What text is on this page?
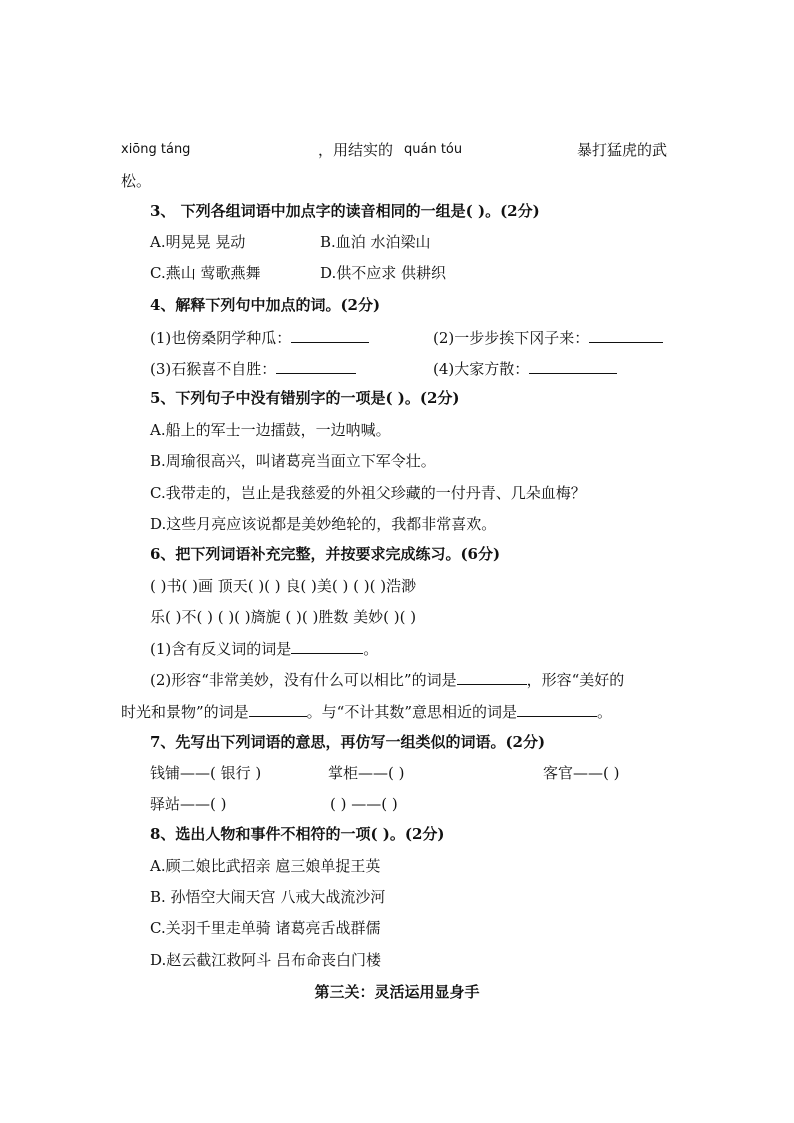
xiōng táng	，用结实的 quán tóu	暴打猛虎的武
松。
3、 下列各组词语中加点字的读音相同的一组是( )。(2分)
A.明晃晃 晃动	B.血泊 水泊梁山
C.燕山 莺歌燕舞	D.供不应求 供耕织
4、解释下列句中加点的词。(2分)
(1)也傍桑阴学种瓜：	(2)一步步挨下冈子来：
(3)石猴喜不自胜：	(4)大家方散：
5、下列句子中没有错别字的一项是( )。(2分)
A.船上的军士一边擂鼓，一边呐喊。
B.周瑜很高兴，叫诸葛亮当面立下军令壮。
C.我带走的，岂止是我慈爱的外祖父珍藏的一付丹青、几朵血梅？
D.这些月亮应该说都是美妙绝轮的，我都非常喜欢。
6、把下列词语补充完整，并按要求完成练习。(6分)
( )书( )画 顶天( )( ) 良( )美( ) ( )( )浩渺
乐( )不( ) ( )( )旖旎 ( )( )胜数 美妙( )( )
(1)含有反义词的词是	。
(2)形容“非常美妙，没有什么可以相比”的词是	，形容“美好的
时光和景物”的词是	。与“不计其数”意思相近的词是	。
7、先写出下列词语的意思，再仿写一组类似的词语。(2分)
钱铺——( 银行 )	掌柜——( )	客官——( )
驿站——( )	( ) ——( )
8、选出人物和事件不相符的一项( )。(2分)
A.顾二娘比武招亲 扈三娘单捉王英
B. 孙悟空大闹天宫 八戒大战流沙河
C.关羽千里走单骑 诸葛亮舌战群儒
D.赵云截江救阿斗 吕布命丧白门楼
第三关：灵活运用显身手
